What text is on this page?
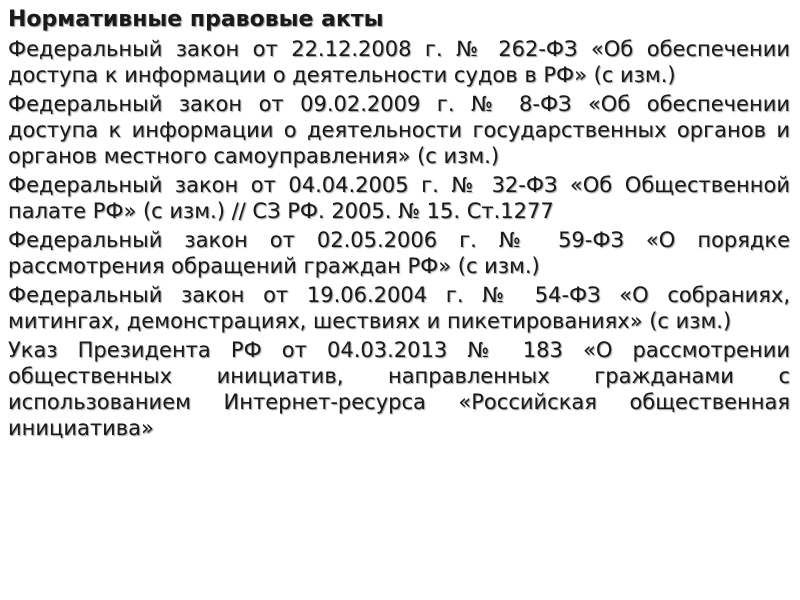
Нормативные правовые акты
Федеральный закон от 22.12.2008 г. № 262-ФЗ «Об обеспечении доступа к информации о деятельности судов в РФ» (с изм.)
Федеральный закон от 09.02.2009 г. № 8-ФЗ «Об обеспечении доступа к информации о деятельности государственных органов и органов местного самоуправления» (с изм.)
Федеральный закон от 04.04.2005 г. № 32-ФЗ «Об Общественной палате РФ» (с изм.) // СЗ РФ. 2005. № 15. Ст.1277
Федеральный закон от 02.05.2006 г. № 59-ФЗ «О порядке рассмотрения обращений граждан РФ» (с изм.)
Федеральный закон от 19.06.2004 г. № 54-ФЗ «О собраниях, митингах, демонстрациях, шествиях и пикетированиях» (с изм.)
Указ Президента РФ от 04.03.2013 № 183 «О рассмотрении общественных инициатив, направленных гражданами с использованием Интернет-ресурса «Российская общественная инициатива»
